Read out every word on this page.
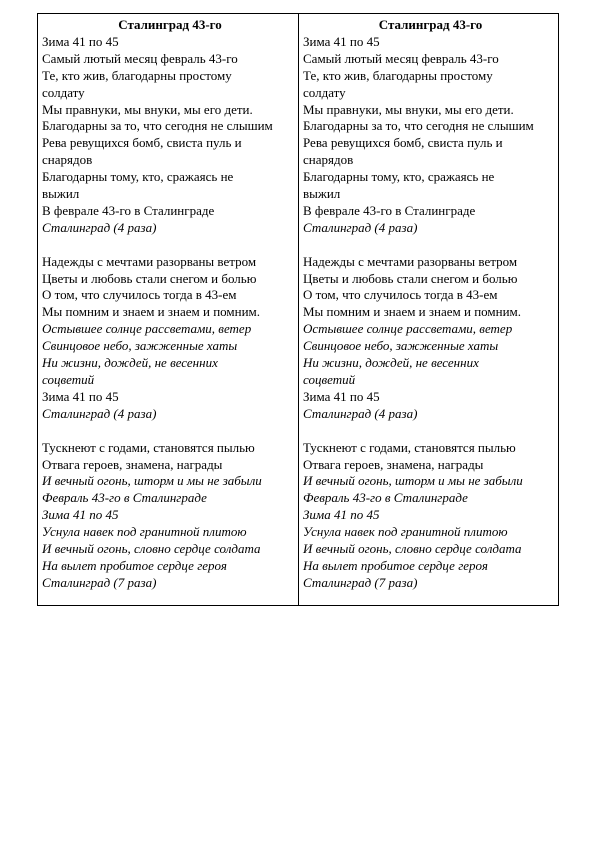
Сталинград 43-го
Зима 41 по 45
Самый лютый месяц февраль 43-го
Те, кто жив, благодарны простому
солдату
Мы правнуки, мы внуки, мы его дети.
Благодарны за то, что сегодня не слышим
Рева ревущихся бомб, свиста пуль и
снарядов
Благодарны тому, кто, сражаясь не
выжил
В феврале 43-го в Сталинграде
Сталинград (4 раза)
Надежды с мечтами разорваны ветром
Цветы и любовь стали снегом и болью
О том, что случилось тогда в 43-ем
Мы помним и знаем и знаем и помним.
Остывшее солнце рассветами, ветер
Свинцовое небо, зажженные хаты
Ни жизни, дождей, не весенних
соцветий
Зима 41 по 45
Сталинград (4 раза)
Тускнеют с годами, становятся пылью
Отвага героев, знамена, награды
И вечный огонь, шторм и мы не забыли
Февраль 43-го в Сталинграде
Зима 41 по 45
Уснула навек под гранитной плитою
И вечный огонь, словно сердце солдата
На вылет пробитое сердце героя
Сталинград (7 раза)
Сталинград 43-го
Зима 41 по 45
Самый лютый месяц февраль 43-го
Те, кто жив, благодарны простому
солдату
Мы правнуки, мы внуки, мы его дети.
Благодарны за то, что сегодня не слышим
Рева ревущихся бомб, свиста пуль и
снарядов
Благодарны тому, кто, сражаясь не
выжил
В феврале 43-го в Сталинграде
Сталинград (4 раза)
Надежды с мечтами разорваны ветром
Цветы и любовь стали снегом и болью
О том, что случилось тогда в 43-ем
Мы помним и знаем и знаем и помним.
Остывшее солнце рассветами, ветер
Свинцовое небо, зажженные хаты
Ни жизни, дождей, не весенних
соцветий
Зима 41 по 45
Сталинград (4 раза)
Тускнеют с годами, становятся пылью
Отвага героев, знамена, награды
И вечный огонь, шторм и мы не забыли
Февраль 43-го в Сталинграде
Зима 41 по 45
Уснула навек под гранитной плитою
И вечный огонь, словно сердце солдата
На вылет пробитое сердце героя
Сталинград (7 раза)
